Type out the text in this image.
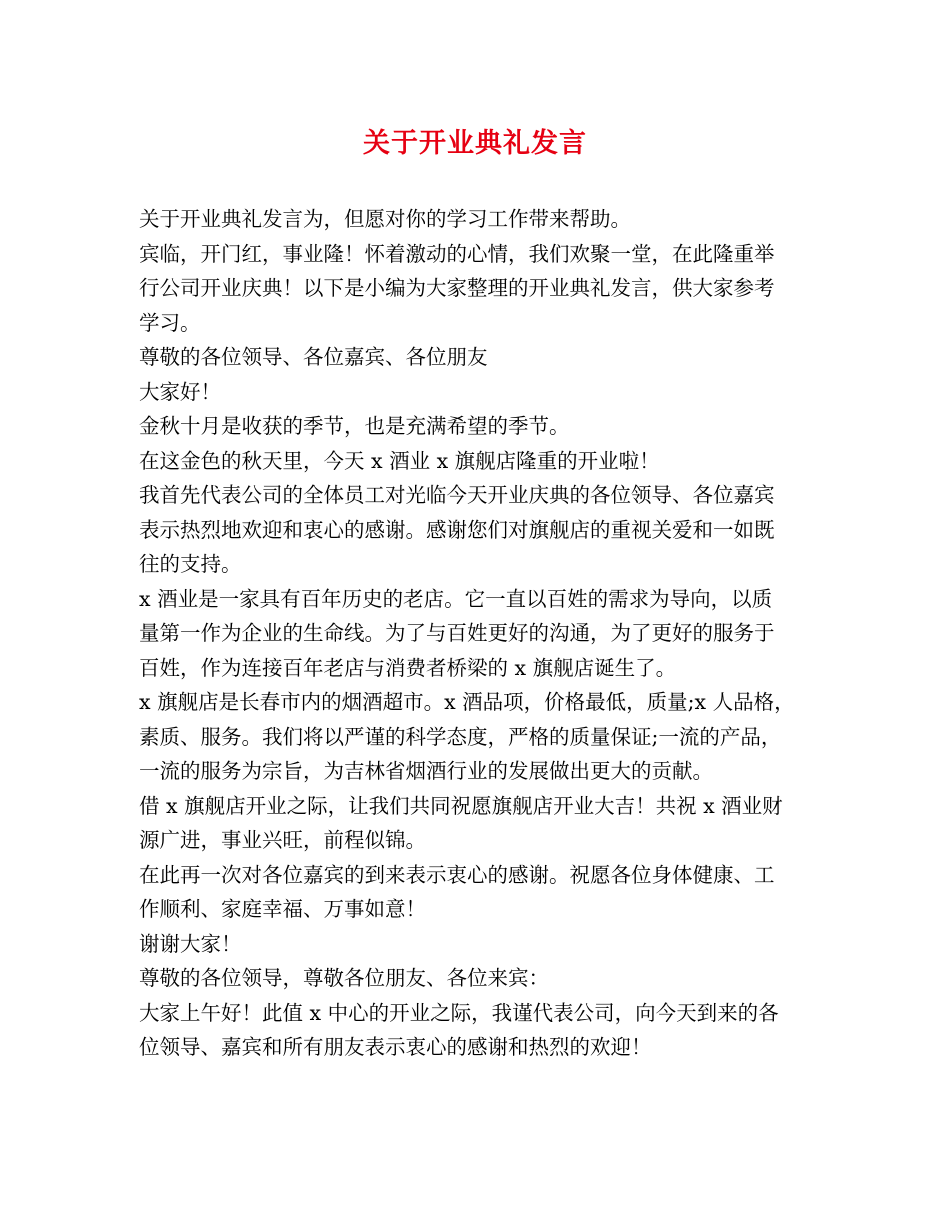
关于开业典礼发言
关于开业典礼发言为，但愿对你的学习工作带来帮助。
宾临，开门红，事业隆！怀着激动的心情，我们欢聚一堂，在此隆重举
行公司开业庆典！以下是小编为大家整理的开业典礼发言，供大家参考
学习。
尊敬的各位领导、各位嘉宾、各位朋友
大家好！
金秋十月是收获的季节，也是充满希望的季节。
在这金色的秋天里，今天 x 酒业 x 旗舰店隆重的开业啦！
我首先代表公司的全体员工对光临今天开业庆典的各位领导、各位嘉宾
表示热烈地欢迎和衷心的感谢。感谢您们对旗舰店的重视关爱和一如既
往的支持。
x 酒业是一家具有百年历史的老店。它一直以百姓的需求为导向，以质
量第一作为企业的生命线。为了与百姓更好的沟通，为了更好的服务于
百姓，作为连接百年老店与消费者桥梁的 x 旗舰店诞生了。
x 旗舰店是长春市内的烟酒超市。x 酒品项，价格最低，质量;x 人品格，
素质、服务。我们将以严谨的科学态度，严格的质量保证;一流的产品，
一流的服务为宗旨，为吉林省烟酒行业的发展做出更大的贡献。
借 x 旗舰店开业之际，让我们共同祝愿旗舰店开业大吉！共祝 x 酒业财
源广进，事业兴旺，前程似锦。
在此再一次对各位嘉宾的到来表示衷心的感谢。祝愿各位身体健康、工
作顺利、家庭幸福、万事如意！
谢谢大家！
尊敬的各位领导，尊敬各位朋友、各位来宾：
大家上午好！此值 x 中心的开业之际，我谨代表公司，向今天到来的各
位领导、嘉宾和所有朋友表示衷心的感谢和热烈的欢迎！
